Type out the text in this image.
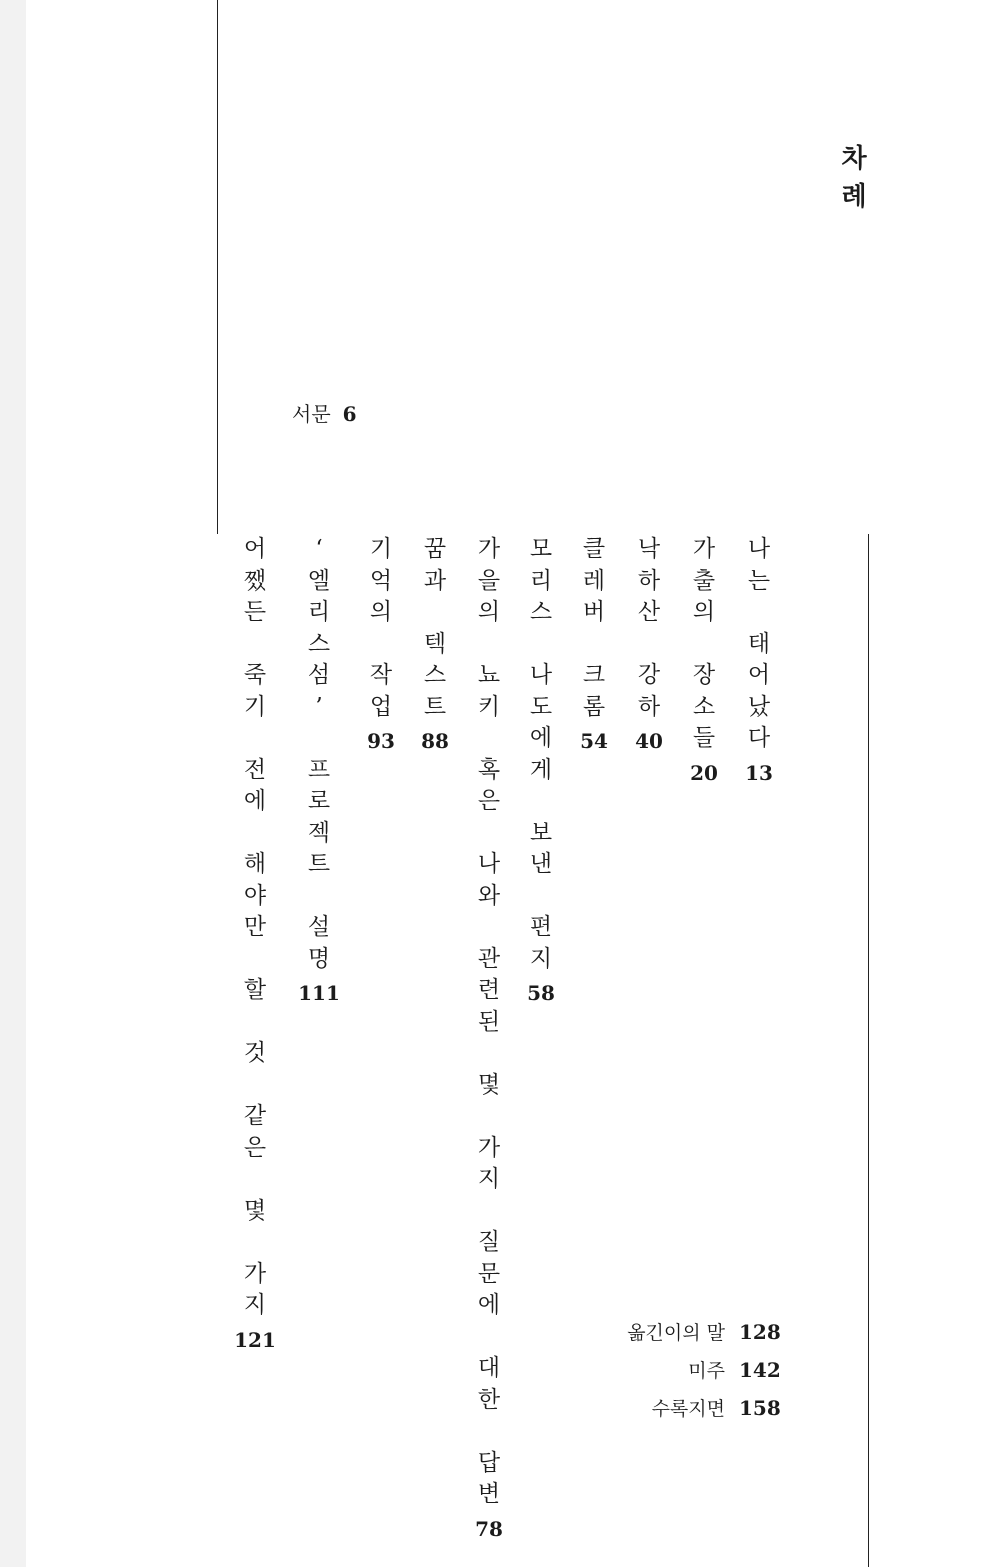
차
례
서문 6
나
는

태
어
났
다
13
가
출
의

장
소
들
20
낙
하
산

강
하
40
클
레
버

크
롬
54
모
리
스

나
도
에
게

보
낸

편
지
58
가
을
의

뇨
키

혹
은

나
와

관
련
된

몇

가
지

질
문
에

대
한

답
변
78
꿈
과

텍
스
트
88
기
억
의

작
업
93
‘
엘
리
스
섬
’

프
로
젝
트

설
명
111
어
쨌
든

죽
기

전
에

해
야
만

할

것

같
은

몇

가
지
121	옮긴이의 말 128
미주 142
수록지면 158
